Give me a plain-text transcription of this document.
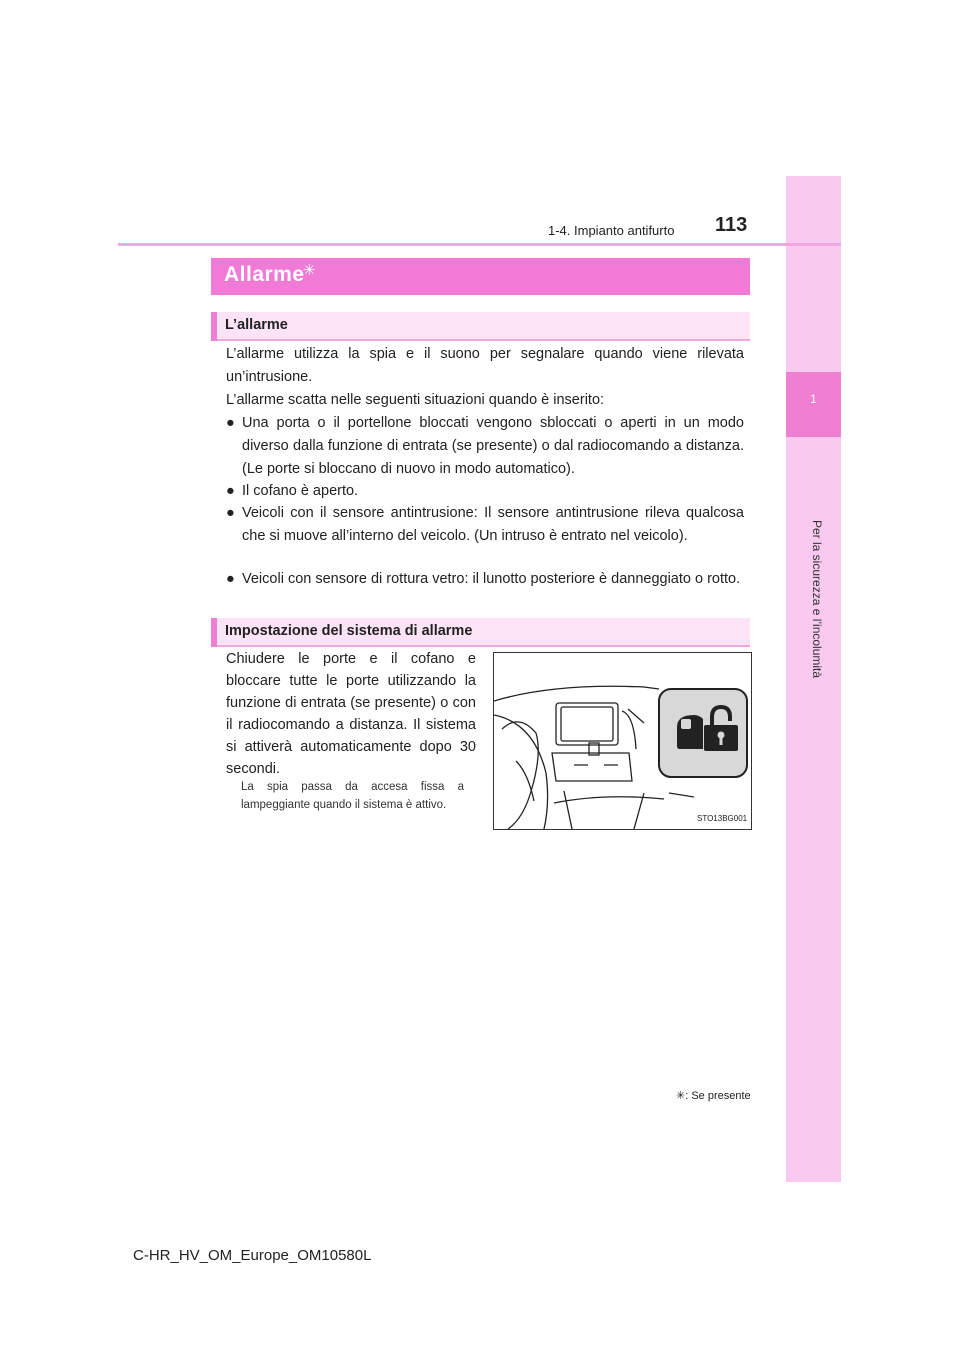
1
Per la sicurezza e l’incolumità
1-4. Impianto antifurto 113
Allarme
✳
L’allarme
L’allarme utilizza la spia e il suono per segnalare quando viene rilevata un’intrusione.
L’allarme scatta nelle seguenti situazioni quando è inserito:
● Una porta o il portellone bloccati vengono sbloccati o aperti in un modo diverso dalla funzione di entrata (se presente) o dal radiocomando a distanza. (Le porte si bloccano di nuovo in modo automatico).
● Il cofano è aperto.
● Veicoli con il sensore antintrusione: Il sensore antintrusione rileva qualcosa che si muove all’interno del veicolo. (Un intruso è entrato nel veicolo).
● Veicoli con sensore di rottura vetro: il lunotto posteriore è danneggiato o rotto.
Impostazione del sistema di allarme
Chiudere le porte e il cofano e bloccare tutte le porte utilizzando la funzione di entrata (se presente) o con il radiocomando a distanza. Il sistema si attiverà automaticamente dopo 30 secondi.
La spia passa da accesa fissa a lampeggiante quando il sistema è attivo.
STO13BG001
✳: Se presente
C-HR_HV_OM_Europe_OM10580L
